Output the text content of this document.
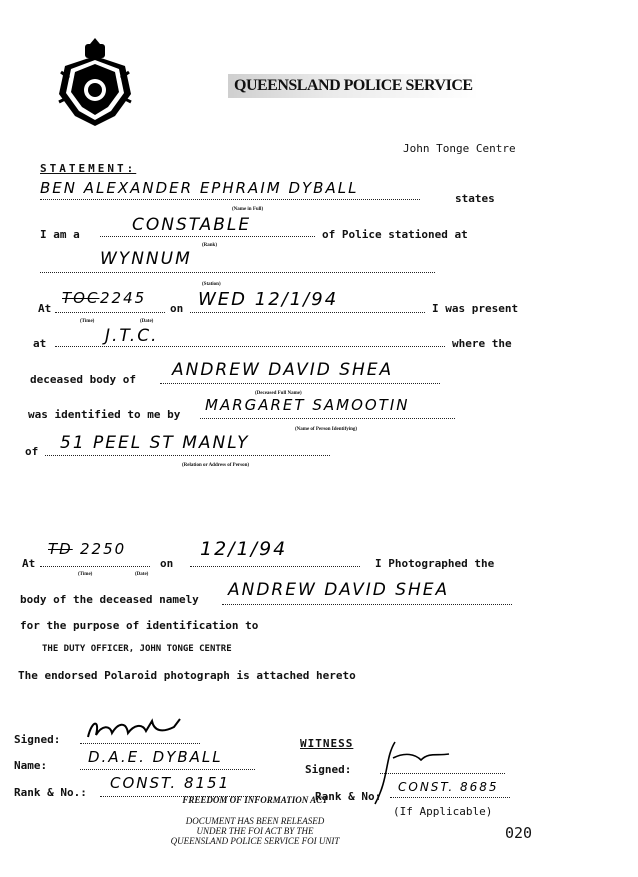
QUEENSLAND POLICE SERVICE
John Tonge Centre
STATEMENT:
BEN ALEXANDER EPHRAIM DYBALL
states
(Name in Full)
I am a	CONSTABLE	of Police stationed at
(Rank)
WYNNUM
(Station)
At
TOC 2245
on WED 12/1/94	I was present
(Time)	(Date)
at	J.T.C.	where the
deceased body of ANDREW DAVID SHEA
(Deceased Full Name)
was identified to me by
MARGARET SAMOOTIN
(Name of Person Identifying)
of 51 PEEL ST MANLY
(Relation or Address of Person)
At
TD 2250
on
12/1/94
I Photographed the
(Time)	(Date)
body of the deceased namely ANDREW DAVID SHEA
for the purpose of identification to
THE DUTY OFFICER, JOHN TONGE CENTRE
The endorsed Polaroid photograph is attached hereto
Signed:
Name:	D.A.E. DYBALL
Rank & No.:
CONST. 8151
WITNESS
Signed:
Rank & No:
CONST. 8685
(If Applicable)
FREEDOM OF INFORMATION ACT
DOCUMENT HAS BEEN RELEASED
UNDER THE FOI ACT BY THE
QUEENSLAND POLICE SERVICE FOI UNIT	020
